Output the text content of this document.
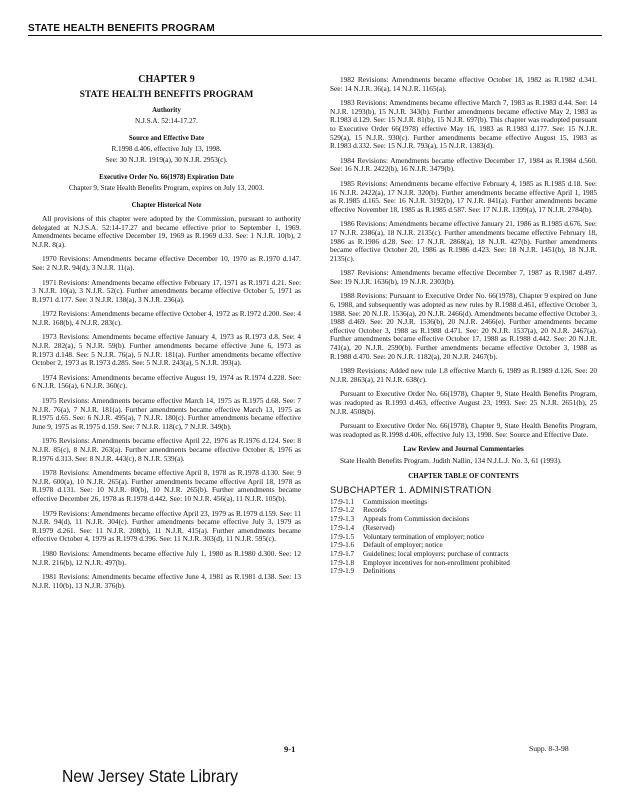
STATE HEALTH BENEFITS PROGRAM
CHAPTER 9
STATE HEALTH BENEFITS PROGRAM
Authority
N.J.S.A. 52:14-17.27.
Source and Effective Date
R.1998 d.406, effective July 13, 1998.
See: 30 N.J.R. 1919(a), 30 N.J.R. 2953(c).
Executive Order No. 66(1978) Expiration Date
Chapter 9, State Health Benefits Program, expires on July 13, 2003.
Chapter Historical Note

All provisions of this chapter were adopted by the Commission, pursuant to authority delegated at N.J.S.A. 52:14-17.27 and became effective prior to September 1, 1969. Amendments became effective December 19, 1969 as R.1969 d.33. See: 1 N.J.R. 10(b), 2 N.J.R. 8(a).

1970 Revisions: Amendments became effective December 10, 1970 as R.1970 d.147. See: 2 N.J.R. 94(d), 3 N.J.R. 11(a).

1971 Revisions: Amendments became effective February 17, 1971 as R.1971 d.21. See: 3 N.J.R. 10(a), 3 N.J.R. 52(c). Further amendments became effective October 5, 1971 as R.1971 d.177. See: 3 N.J.R. 138(a), 3 N.J.R. 236(a).

1972 Revisions: Amendments became effective October 4, 1972 as R.1972 d.200. See: 4 N.J.R. 168(b), 4 N.J.R. 283(c).

1973 Revisions: Amendments became effective January 4, 1973 as R.1973 d.8. See: 4 N.J.R. 282(a), 5 N.J.R. 59(b). Further amendments became effective June 6, 1973 as R.1973 d.148. See: 5 N.J.R. 76(a), 5 N.J.R. 181(a). Further amendments became effective October 2, 1973 as R.1973 d.285. See: 5 N.J.R. 243(a), 5 N.J.R. 393(a).

1974 Revisions: Amendments became effective August 19, 1974 as R.1974 d.228. See: 6 N.J.R. 156(a), 6 N.J.R. 360(c).

1975 Revisions: Amendments became effective March 14, 1975 as R.1975 d.68. See: 7 N.J.R. 76(a), 7 N.J.R. 181(a). Further amendments became effective March 13, 1975 as R.1975 d.65. See: 6 N.J.R. 495(a), 7 N.J.R. 180(c). Further amendments became effective June 9, 1975 as R.1975 d.159. See: 7 N.J.R. 118(c), 7 N.J.R. 349(b).

1976 Revisions: Amendments became effective April 22, 1976 as R.1976 d.124. See: 8 N.J.R. 85(c), 8 N.J.R. 263(a). Further amendments became effective October 8, 1976 as R.1976 d.313. See: 8 N.J.R. 443(c), 8 N.J.R. 539(a).

1978 Revisions: Amendments became effective April 8, 1978 as R.1978 d.130. See: 9 N.J.R. 600(a), 10 N.J.R. 265(a). Further amendments became effective April 18, 1978 as R.1978 d.131. See: 10 N.J.R. 80(b), 10 N.J.R. 265(b). Further amendments became effective December 26, 1978 as R.1978 d.442. See: 10 N.J.R. 456(a), 11 N.J.R. 105(b).

1979 Revisions: Amendments became effective April 23, 1979 as R.1979 d.159. See: 11 N.J.R. 94(d), 11 N.J.R. 304(c). Further amendments became effective July 3, 1979 as R.1979 d.261. See: 11 N.J.R. 208(b), 11 N.J.R. 415(a). Further amendments became effective October 4, 1979 as R.1979 d.396. See: 11 N.J.R. 303(d), 11 N.J.R. 595(c).

1980 Revisions: Amendments became effective July 1, 1980 as R.1980 d.300. See: 12 N.J.R. 216(b), 12 N.J.R. 497(b).

1981 Revisions: Amendments became effective June 4, 1981 as R.1981 d.138. See: 13 N.J.R. 110(b), 13 N.J.R. 376(b).

1982 Revisions: Amendments became effective October 18, 1982 as R.1982 d.341. See: 14 N.J.R. 36(a), 14 N.J.R. 1165(a).

1983 Revisions: Amendments became effective March 7, 1983 as R.1983 d.44. See: 14 N.J.R. 1293(b), 15 N.J.R. 343(b). Further amendments became effective May 2, 1983 as R.1983 d.129. See: 15 N.J.R. 81(b), 15 N.J.R. 697(b). This chapter was readopted pursuant to Executive Order 66(1978) effective May 16, 1983 as R.1983 d.177. See: 15 N.J.R. 529(a), 15 N.J.R. 930(c). Further amendments became effective August 15, 1983 as R.1983 d.332. See: 15 N.J.R. 793(a), 15 N.J.R. 1383(d).

1984 Revisions: Amendments became effective December 17, 1984 as R.1984 d.560. See: 16 N.J.R. 2422(b), 16 N.J.R. 3479(b).

1985 Revisions: Amendments became effective February 4, 1985 as R.1985 d.18. See: 16 N.J.R. 2422(a), 17 N.J.R. 320(b). Further amendments became effective April 1, 1985 as R.1985 d.165. See: 16 N.J.R. 3192(b), 17 N.J.R. 841(a). Further amendments became effective November 18, 1985 as R.1985 d.587. See: 17 N.J.R. 1399(a), 17 N.J.R. 2784(b).

1986 Revisions: Amendments became effective January 21, 1986 as R.1985 d.676. See: 17 N.J.R. 2386(a), 18 N.J.R. 2135(c). Further amendments became effective February 18, 1986 as R.1986 d.28. See: 17 N.J.R. 2868(a), 18 N.J.R. 427(b). Further amendments became effective October 20, 1986 as R.1986 d.423. See: 18 N.J.R. 1451(b), 18 N.J.R. 2135(c).

1987 Revisions: Amendments became effective December 7, 1987 as R.1987 d.497. See: 19 N.J.R. 1636(b), 19 N.J.R. 2303(b).

1988 Revisions: Pursuant to Executive Order No. 66(1978), Chapter 9 expired on June 6, 1988, and subsequently was adopted as new rules by R.1988 d.461, effective October 3, 1988. See: 20 N.J.R. 1536(a), 20 N.J.R. 2466(d). Amendments became effective October 3, 1988 d.469. See: 20 N.J.R. 1536(b), 20 N.J.R. 2466(e). Further amendments became effective October 3, 1988 as R.1988 d.471. See: 20 N.J.R. 1537(a), 20 N.J.R. 2467(a). Further amendments became effective October 17, 1988 as R.1988 d.442. See: 20 N.J.R. 741(a), 20 N.J.R. 2590(b). Further amendments became effective October 3, 1988 as R.1988 d.470. See: 20 N.J.R. 1182(a), 20 N.J.R. 2467(b).

1989 Revisions: Added new rule 1.8 effective March 6, 1989 as R.1989 d.126. See: 20 N.J.R. 2863(a), 21 N.J.R. 638(c).

Pursuant to Executive Order No. 66(1978), Chapter 9, State Health Benefits Program, was readopted as R.1993 d.463, effective August 23, 1993. See: 25 N.J.R. 2651(b), 25 N.J.R. 4508(b).

Pursuant to Executive Order No. 66(1978), Chapter 9, State Health Benefits Program, was readopted as R.1998 d.406, effective July 13, 1998. See: Source and Effective Date.

Law Review and Journal Commentaries

State Health Benefits Program. Judith Nallin, 134 N.J.L.J. No. 3, 61 (1993).

CHAPTER TABLE OF CONTENTS
SUBCHAPTER 1. ADMINISTRATION
17:9-1.1	Commission meetings
17:9-1.2	Records
17:9-1.3	Appeals from Commission decisions
17:9-1.4	(Reserved)
17:9-1.5	Voluntary termination of employer; notice
17:9-1.6	Default of employer; notice
17:9-1.7	Guidelines; local employers; purchase of contracts
17:9-1.8	Employer incentives for non-enrollment prohibited
17:9-1.9	Definitions
9-1	Supp. 8-3-98
New Jersey State Library
